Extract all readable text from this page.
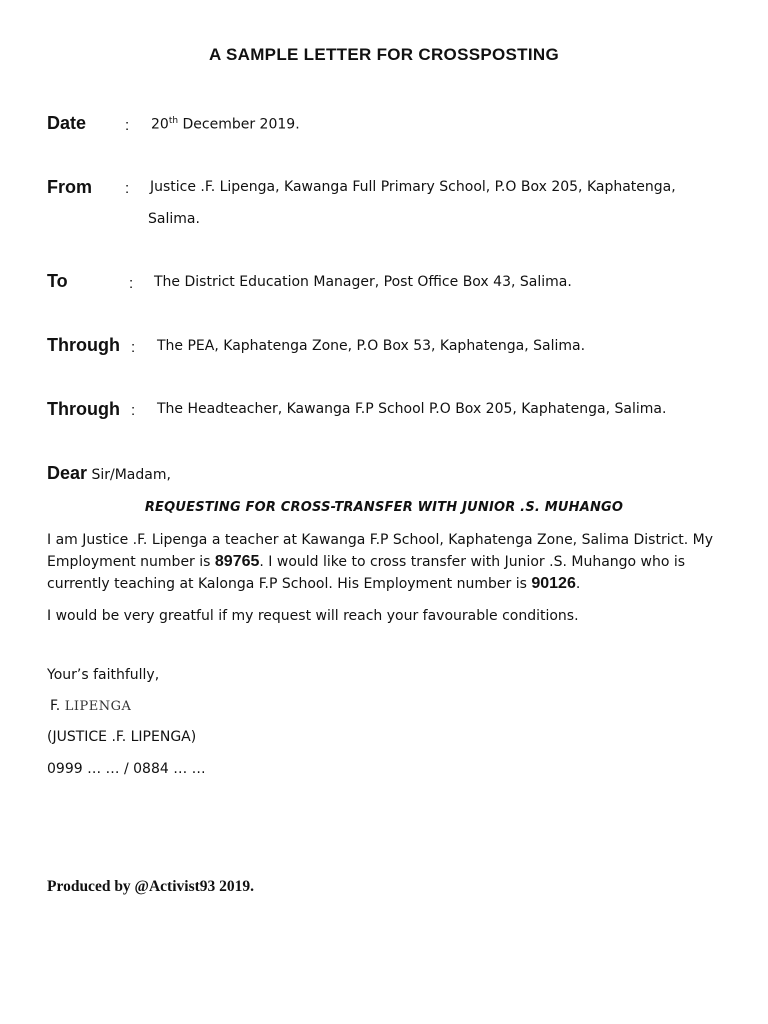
A SAMPLE LETTER FOR CROSSPOSTING
Date	: 20th December 2019.
From : Justice .F. Lipenga, Kawanga Full Primary School, P.O Box 205, Kaphatenga,
Salima.
To	: The District Education Manager, Post Office Box 43, Salima.
Through : The PEA, Kaphatenga Zone, P.O Box 53, Kaphatenga, Salima.
Through : The Headteacher, Kawanga F.P School P.O Box 205, Kaphatenga, Salima.
Dear Sir/Madam,
REQUESTING FOR CROSS-TRANSFER WITH JUNIOR .S. MUHANGO
I am Justice .F. Lipenga a teacher at Kawanga F.P School, Kaphatenga Zone, Salima District. My Employment number is 89765. I would like to cross transfer with Junior .S. Muhango who is currently teaching at Kalonga F.P School. His Employment number is 90126.
I would be very greatful if my request will reach your favourable conditions.
Your’s faithfully,
F. LIPENGA
(JUSTICE .F. LIPENGA)
0999 … … / 0884 … …
Produced by @Activist93 2019.
